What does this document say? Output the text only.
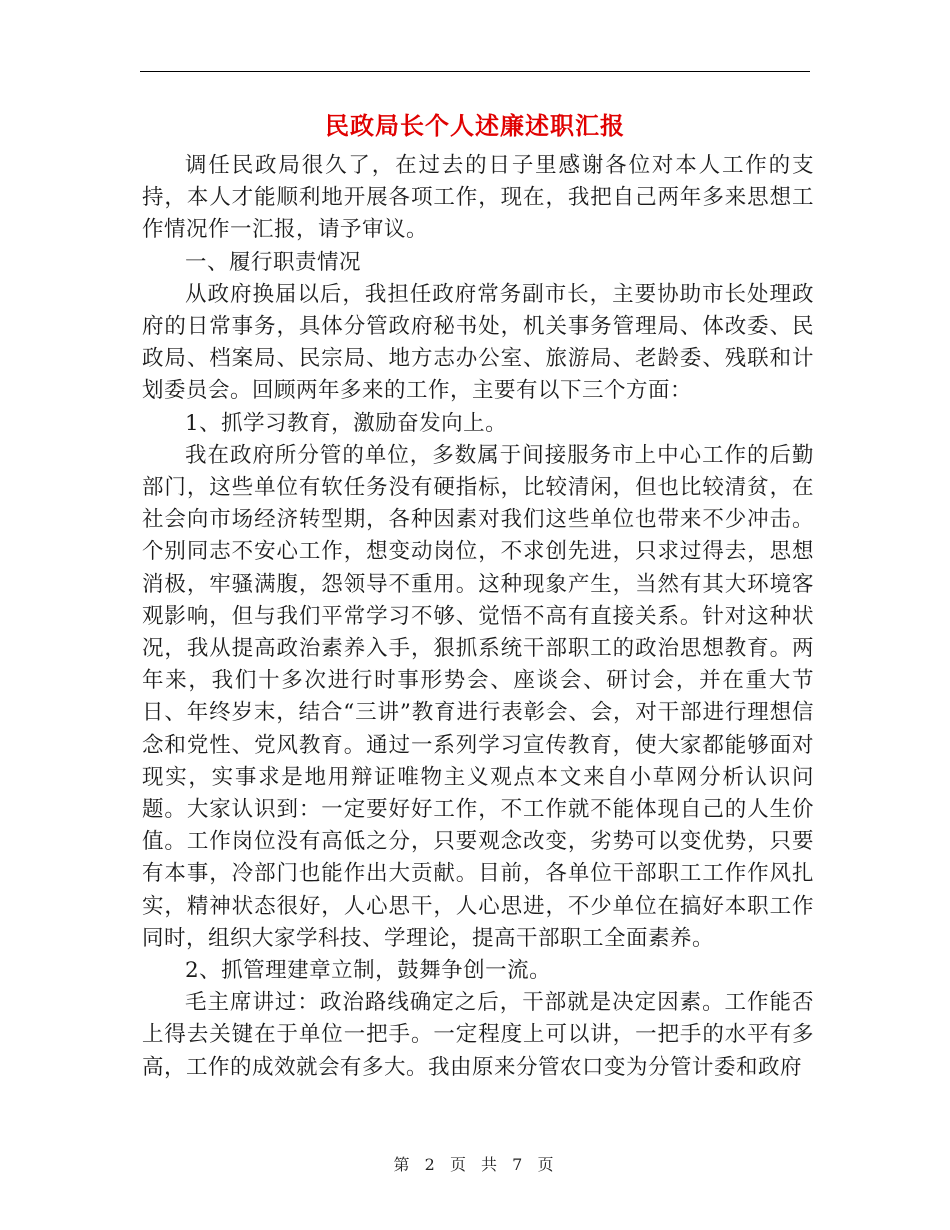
民政局长个人述廉述职汇报

调任民政局很久了，在过去的日子里感谢各位对本人工作的支持，本人才能顺利地开展各项工作，现在，我把自己两年多来思想工作情况作一汇报，请予审议。

一、履行职责情况

从政府换届以后，我担任政府常务副市长，主要协助市长处理政府的日常事务，具体分管政府秘书处，机关事务管理局、体改委、民政局、档案局、民宗局、地方志办公室、旅游局、老龄委、残联和计划委员会。回顾两年多来的工作，主要有以下三个方面：

1、抓学习教育，激励奋发向上。

我在政府所分管的单位，多数属于间接服务市上中心工作的后勤部门，这些单位有软任务没有硬指标，比较清闲，但也比较清贫，在社会向市场经济转型期，各种因素对我们这些单位也带来不少冲击。个别同志不安心工作，想变动岗位，不求创先进，只求过得去，思想消极，牢骚满腹，怨领导不重用。这种现象产生，当然有其大环境客观影响，但与我们平常学习不够、觉悟不高有直接关系。针对这种状况，我从提高政治素养入手，狠抓系统干部职工的政治思想教育。两年来，我们十多次进行时事形势会、座谈会、研讨会，并在重大节日、年终岁末，结合“三讲”教育进行表彰会、会，对干部进行理想信念和党性、党风教育。通过一系列学习宣传教育，使大家都能够面对现实，实事求是地用辩证唯物主义观点本文来自小草网分析认识问题。大家认识到：一定要好好工作，不工作就不能体现自己的人生价值。工作岗位没有高低之分，只要观念改变，劣势可以变优势，只要有本事，冷部门也能作出大贡献。目前，各单位干部职工工作作风扎实，精神状态很好，人心思干，人心思进，不少单位在搞好本职工作同时，组织大家学科技、学理论，提高干部职工全面素养。

2、抓管理建章立制，鼓舞争创一流。

毛主席讲过：政治路线确定之后，干部就是决定因素。工作能否上得去关键在于单位一把手。一定程度上可以讲，一把手的水平有多高，工作的成效就会有多大。我由原来分管农口变为分管计委和政府

第 2 页 共 7 页
